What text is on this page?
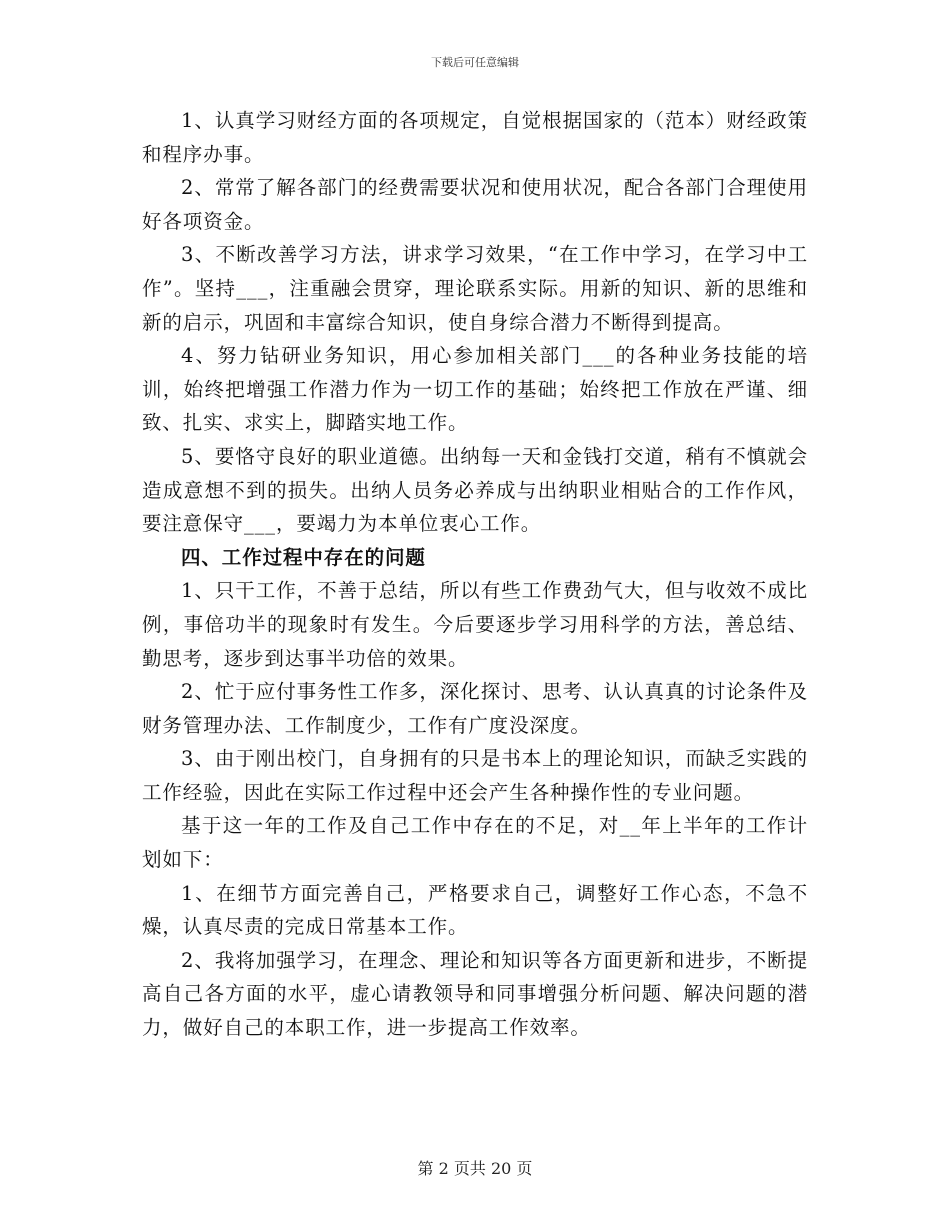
下载后可任意编辑

1、认真学习财经方面的各项规定，自觉根据国家的（范本）财经政策和程序办事。

2、常常了解各部门的经费需要状况和使用状况，配合各部门合理使用好各项资金。

3、不断改善学习方法，讲求学习效果，“在工作中学习，在学习中工作”。坚持___，注重融会贯穿，理论联系实际。用新的知识、新的思维和新的启示，巩固和丰富综合知识，使自身综合潜力不断得到提高。

4、努力钻研业务知识，用心参加相关部门___的各种业务技能的培训，始终把增强工作潜力作为一切工作的基础；始终把工作放在严谨、细致、扎实、求实上，脚踏实地工作。

5、要恪守良好的职业道德。出纳每一天和金钱打交道，稍有不慎就会造成意想不到的损失。出纳人员务必养成与出纳职业相贴合的工作作风，要注意保守___，要竭力为本单位衷心工作。

四、工作过程中存在的问题

1、只干工作，不善于总结，所以有些工作费劲气大，但与收效不成比例，事倍功半的现象时有发生。今后要逐步学习用科学的方法，善总结、勤思考，逐步到达事半功倍的效果。

2、忙于应付事务性工作多，深化探讨、思考、认认真真的讨论条件及财务管理办法、工作制度少，工作有广度没深度。

3、由于刚出校门，自身拥有的只是书本上的理论知识，而缺乏实践的工作经验，因此在实际工作过程中还会产生各种操作性的专业问题。

基于这一年的工作及自己工作中存在的不足，对__年上半年的工作计划如下：

1、在细节方面完善自己，严格要求自己，调整好工作心态，不急不燥，认真尽责的完成日常基本工作。

2、我将加强学习，在理念、理论和知识等各方面更新和进步，不断提高自己各方面的水平，虚心请教领导和同事增强分析问题、解决问题的潜力，做好自己的本职工作，进一步提高工作效率。

第 2 页共 20 页
